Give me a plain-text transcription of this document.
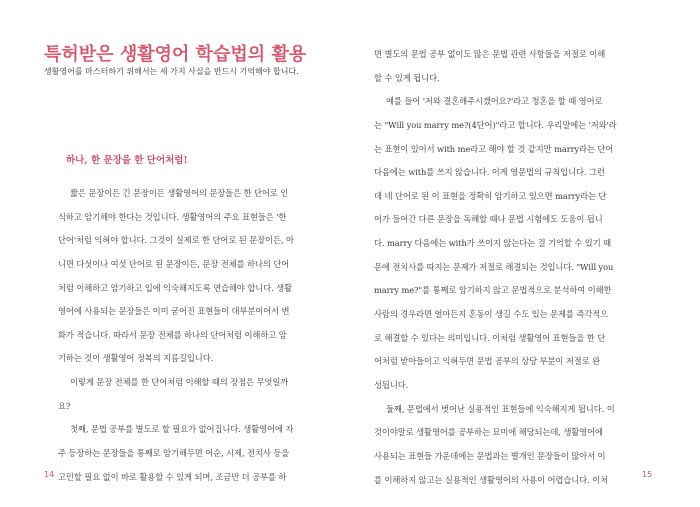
특허받은 생활영어 학습법의 활용

생활영어를 마스터하기 위해서는 세 가지 사실을 반드시 기억해야 합니다.

하나, 한 문장을 한 단어처럼!
짧은 문장이든 긴 문장이든 생활영어의 문장들은 한 단어로 인
식하고 암기해야 한다는 것입니다. 생활영어의 주요 표현들은 '한
단어'처럼 익혀야 합니다. 그것이 실제로 한 단어로 된 문장이든, 아
니면 다섯이나 여섯 단어로 된 문장이든, 문장 전체를 하나의 단어
처럼 이해하고 암기하고 입에 익숙해지도록 연습해야 합니다. 생활
영어에 사용되는 문장들은 이미 굳어진 표현들이 대부분이어서 변
화가 적습니다. 따라서 문장 전체를 하나의 단어처럼 이해하고 암
기하는 것이 생활영어 정복의 지름길입니다.
이렇게 문장 전체를 한 단어처럼 이해할 때의 장점은 무엇일까
요?
첫째, 문법 공부를 별도로 할 필요가 없어집니다. 생활영어에 자
주 등장하는 문장들을 통째로 암기해두면 어순, 시제, 전치사 등을
고민할 필요 없이 바로 활용할 수 있게 되며, 조금만 더 공부를 하

14

면 별도의 문법 공부 없이도 많은 문법 관련 사항들을 저절로 이해
할 수 있게 됩니다.
예를 들어 '저와 결혼해주시겠어요?'라고 청혼을 할 때 영어로
는 "Will you marry me?(4단어)"라고 합니다. 우리말에는 '저와'라
는 표현이 있어서 with me라고 해야 할 것 같지만 marry라는 단어
다음에는 with를 쓰지 않습니다. 이게 영문법의 규칙입니다. 그런
데 네 단어로 된 이 표현을 정확히 암기하고 있으면 marry라는 단
어가 들어간 다른 문장을 독해할 때나 문법 시험에도 도움이 됩니
다. marry 다음에는 with가 쓰이지 않는다는 걸 기억할 수 있기 때
문에 전치사를 따지는 문제가 저절로 해결되는 것입니다. "Will you
marry me?"를 통째로 암기하지 않고 문법적으로 분석하여 이해한
사람의 경우라면 얼마든지 혼동이 생길 수도 있는 문제를 즉각적으
로 해결할 수 있다는 의미입니다. 이처럼 생활영어 표현들을 한 단
어처럼 받아들이고 익혀두면 문법 공부의 상당 부분이 저절로 완
성됩니다.
둘째, 문법에서 벗어난 실용적인 표현들에 익숙해지게 됩니다. 이
것이야말로 생활영어를 공부하는 묘미에 해당되는데, 생활영어에
사용되는 표현들 가운데에는 문법과는 별개인 문장들이 많아서 이
를 이해하지 않고는 실용적인 생활영어의 사용이 어렵습니다. 이처

15
